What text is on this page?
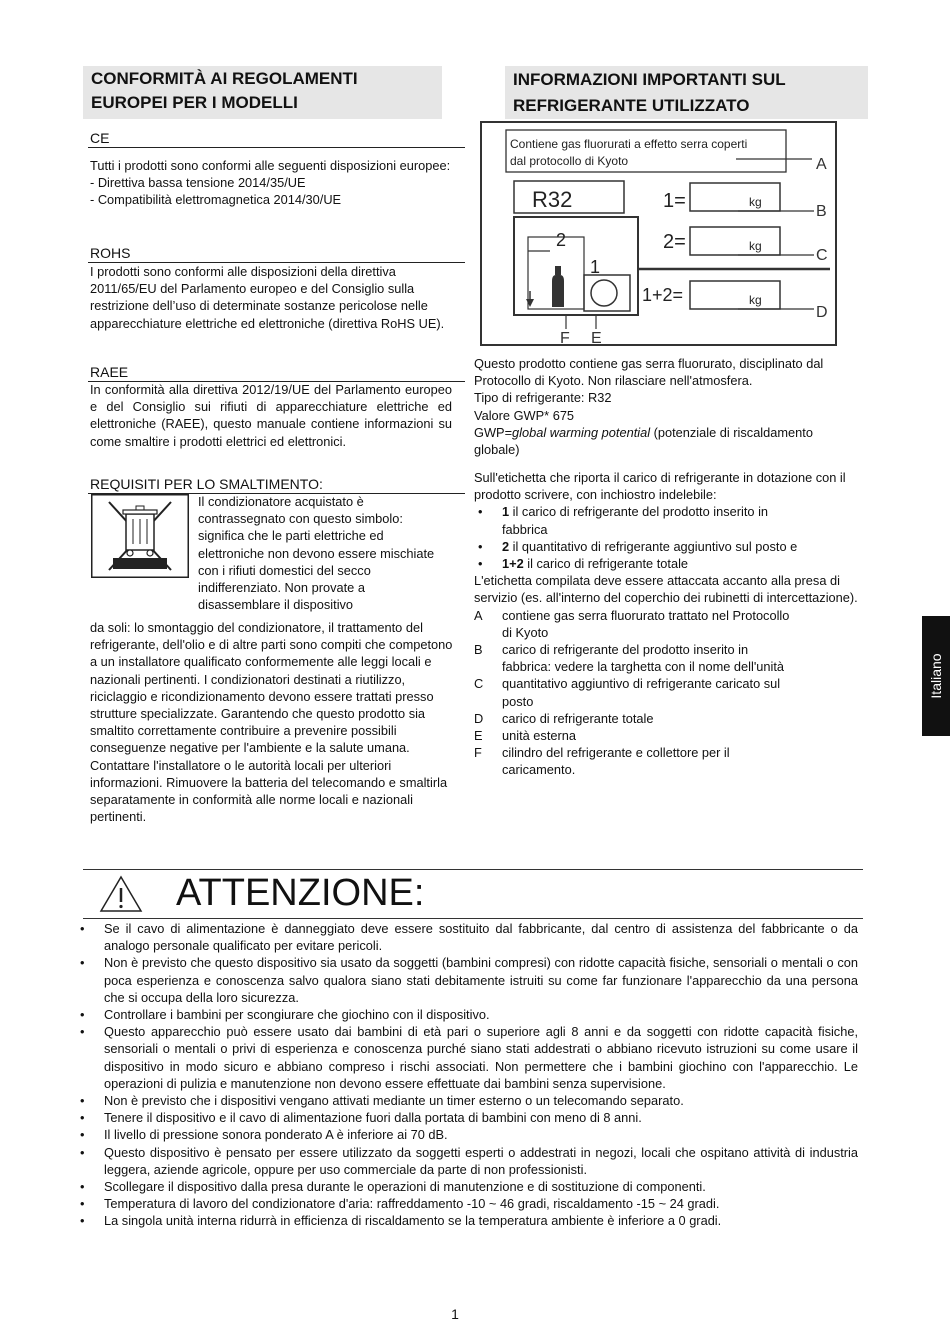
CONFORMITÀ AI REGOLAMENTI EUROPEI PER I MODELLI
CE
Tutti i prodotti sono conformi alle seguenti disposizioni europee:
- Direttiva bassa tensione 2014/35/UE
- Compatibilità elettromagnetica 2014/30/UE
ROHS
I prodotti sono conformi alle disposizioni della direttiva 2011/65/EU del Parlamento europeo e del Consiglio sulla restrizione dell’uso di determinate sostanze pericolose nelle apparecchiature elettriche ed elettroniche (direttiva RoHS UE).
RAEE
In conformità alla direttiva 2012/19/UE del Parlamento europeo e del Consiglio sui rifiuti di apparecchiature elettriche ed elettroniche (RAEE), questo manuale contiene informazioni su come smaltire i prodotti elettrici ed elettronici.
REQUISITI PER LO SMALTIMENTO:
Il condizionatore acquistato è contrassegnato con questo simbolo: significa che le parti elettriche ed elettroniche non devono essere mischiate con i rifiuti domestici del secco indifferenziato. Non provate a disassemblare il dispositivo
da soli: lo smontaggio del condizionatore, il trattamento del refrigerante, dell'olio e di altre parti sono compiti che competono a un installatore qualificato conformemente alle leggi locali e nazionali pertinenti. I condizionatori destinati a riutilizzo, riciclaggio e ricondizionamento devono essere trattati presso strutture specializzate. Garantendo che questo prodotto sia smaltito correttamente contribuire a prevenire possibili conseguenze negative per l'ambiente e la salute umana. Contattare l'installatore o le autorità locali per ulteriori informazioni. Rimuovere la batteria del telecomando e smaltirla separatamente in conformità alle norme locali e nazionali pertinenti.
INFORMAZIONI IMPORTANTI SUL REFRIGERANTE UTILIZZATO
Contiene gas fluorurati a effetto serra coperti
dal protocollo di Kyoto	A
R32	1=	kg
B
2=	kg
C
1+2=	kg
D
2
1
F E
Questo prodotto contiene gas serra fluorurato, disciplinato dal Protocollo di Kyoto. Non rilasciare nell'atmosfera.
Tipo di refrigerante: R32
Valore GWP* 675
GWP=global warming potential (potenziale di riscaldamento globale)
Sull'etichetta che riporta il carico di refrigerante in dotazione con il prodotto scrivere, con inchiostro indelebile:
• 1 il carico di refrigerante del prodotto inserito in fabbrica
• 2 il quantitativo di refrigerante aggiuntivo sul posto e
• 1+2 il carico di refrigerante totale
L'etichetta compilata deve essere attaccata accanto alla presa di servizio (es. all'interno del coperchio dei rubinetti di intercettazione).
A	contiene gas serra fluorurato trattato nel Protocollo di Kyoto
B	carico di refrigerante del prodotto inserito in fabbrica: vedere la targhetta con il nome dell'unità
C	quantitativo aggiuntivo di refrigerante caricato sul posto
D	carico di refrigerante totale
E	unità esterna
F	cilindro del refrigerante e collettore per il caricamento.
Italiano
ATTENZIONE:
• Se il cavo di alimentazione è danneggiato deve essere sostituito dal fabbricante, dal centro di assistenza del fabbricante o da analogo personale qualificato per evitare pericoli.
• Non è previsto che questo dispositivo sia usato da soggetti (bambini compresi) con ridotte capacità fisiche, sensoriali o mentali o con poca esperienza e conoscenza salvo qualora siano stati debitamente istruiti su come far funzionare l'apparecchio da una persona che si occupa della loro sicurezza.
• Controllare i bambini per scongiurare che giochino con il dispositivo.
• Questo apparecchio può essere usato dai bambini di età pari o superiore agli 8 anni e da soggetti con ridotte capacità fisiche, sensoriali o mentali o privi di esperienza e conoscenza purché siano stati addestrati o abbiano ricevuto istruzioni su come usare il dispositivo in modo sicuro e abbiano compreso i rischi associati. Non permettere che i bambini giochino con l'apparecchio. Le operazioni di pulizia e manutenzione non devono essere effettuate dai bambini senza supervisione.
• Non è previsto che i dispositivi vengano attivati mediante un timer esterno o un telecomando separato.
• Tenere il dispositivo e il cavo di alimentazione fuori dalla portata di bambini con meno di 8 anni.
• Il livello di pressione sonora ponderato A è inferiore ai 70 dB.
• Questo dispositivo è pensato per essere utilizzato da soggetti esperti o addestrati in negozi, locali che ospitano attività di industria leggera, aziende agricole, oppure per uso commerciale da parte di non professionisti.
• Scollegare il dispositivo dalla presa durante le operazioni di manutenzione e di sostituzione di componenti.
• Temperatura di lavoro del condizionatore d'aria: raffreddamento -10 ~ 46 gradi, riscaldamento -15 ~ 24 gradi.
• La singola unità interna ridurrà in efficienza di riscaldamento se la temperatura ambiente è inferiore a 0 gradi.
1
